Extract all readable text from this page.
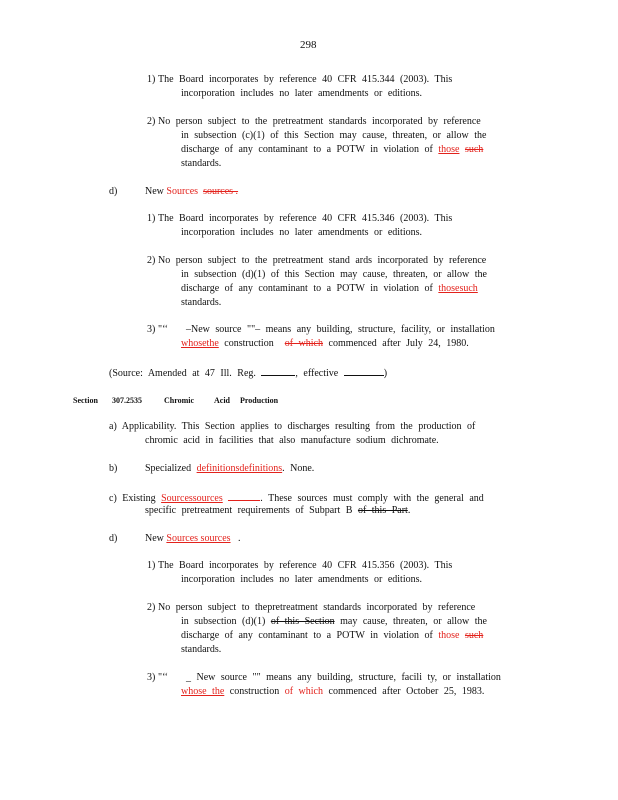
298
1) The Board incorporates by reference 40 CFR 415.344 (2003). This
incorporation includes no later amendments or editions.
2) No person subject to the pretreatment standards incorporated by reference
in subsection (c)(1) of this Section may cause, threaten, or allow the
discharge of any contaminant to a POTW in violation of those such
standards.
d)	New Sources sources .
1) The Board incorporates by reference 40 CFR 415.346 (2003). This
incorporation includes no later amendments or editions.
2) No person subject to the pretreatment stand ards incorporated by reference
in subsection (d)(1) of this Section may cause, threaten, or allow the
discharge of any contaminant to a POTW in violation of thosesuch
standards.
3) "‘‘ –New source ""– means any building, structure, facility, or installation
whosethe construction of which commenced after July 24, 1980.
(Source: Amended at 47 Ill. Reg.	, effective	)
Section 307.2535	Chromic Acid Production
a) Applicability. This Section applies to discharges resulting from the production of
chromic acid in facilities that also manufacture sodium dichromate.
b)	Specialized definitionsdefinitions. None.
c) Existing Sourcessources	. These sources must comply with the general and
specific pretreatment requirements of Subpart B of this Part.
d)	New Sources sources .
1) The Board incorporates by reference 40 CFR 415.356 (2003). This
incorporation includes no later amendments or editions.
2) No person subject to thepretreatment standards incorporated by reference
in subsection (d)(1) of this Section may cause, threaten, or allow the
discharge of any contaminant to a POTW in violation of those such
standards.
3) "‘‘ _ New source "" means any building, structure, facili ty, or installation
whose the construction of which commenced after October 25, 1983.
